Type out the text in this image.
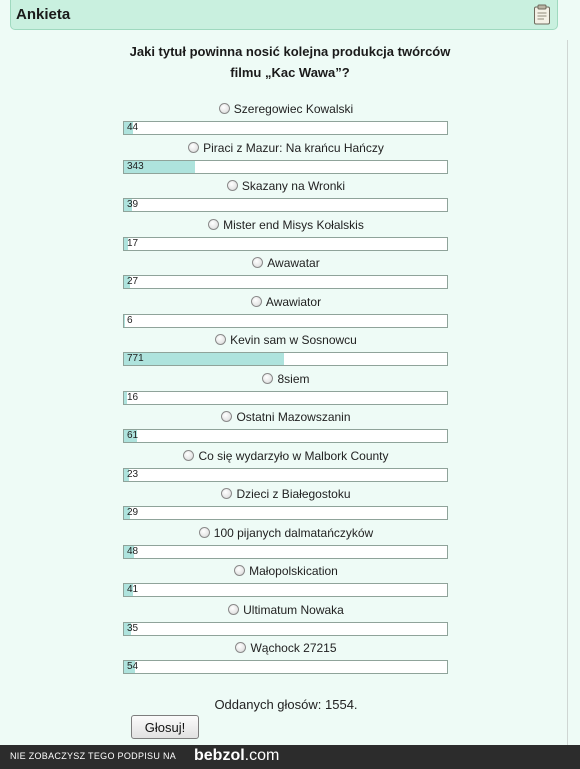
Ankieta
Jaki tytuł powinna nosić kolejna produkcja twórców
filmu „Kac Wawa”?
Szeregowiec Kowalski
44
Piraci z Mazur: Na krańcu Hańczy
343
Skazany na Wronki
39
Mister end Misys Kołalskis
17
Awawatar
27
Awawiator
6
Kevin sam w Sosnowcu
771
8siem
16
Ostatni Mazowszanin
61
Co się wydarzyło w Malbork County
23
Dzieci z Białegostoku
29
100 pijanych dalmatańczyków
48
Małopolskication
41
Ultimatum Nowaka
35
Wąchock 27215
54
Oddanych głosów: 1554.
Głosuj!
NIE ZOBACZYSZ TEGO PODPISU NA bebzol.com
